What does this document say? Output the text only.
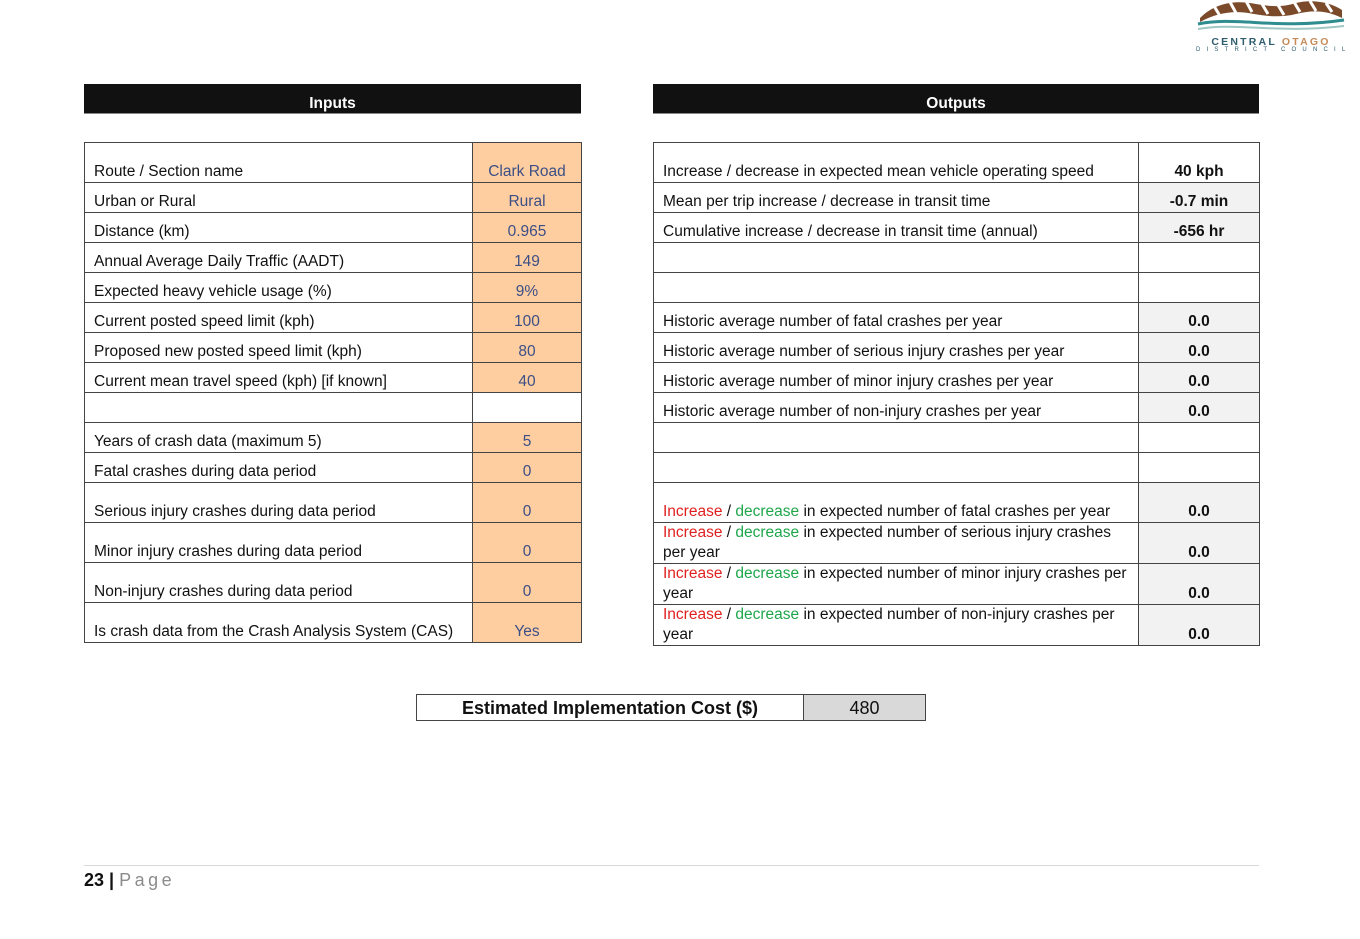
CENTRAL OTAGO
DISTRICT COUNCIL
Inputs	Outputs
Route / Section name	Clark Road
Urban or Rural	Rural
Distance (km)	0.965
Annual Average Daily Traffic (AADT)	149
Expected heavy vehicle usage (%)	9%
Current posted speed limit (kph)	100
Proposed new posted speed limit (kph)	80
Current mean travel speed (kph) [if known]	40

Years of crash data (maximum 5)	5
Fatal crashes during data period	0
Serious injury crashes during data period	0
Minor injury crashes during data period	0
Non-injury crashes during data period	0
Is crash data from the Crash Analysis System (CAS)	Yes
Increase / decrease in expected mean vehicle operating speed	40 kph
Mean per trip increase / decrease in transit time	-0.7 min
Cumulative increase / decrease in transit time (annual)	-656 hr

Historic average number of fatal crashes per year	0.0
Historic average number of serious injury crashes per year	0.0
Historic average number of minor injury crashes per year	0.0
Historic average number of non-injury crashes per year	0.0

Increase / decrease in expected number of fatal crashes per year	0.0
Increase / decrease in expected number of serious injury crashes per year	0.0
Increase / decrease in expected number of minor injury crashes per year	0.0
Increase / decrease in expected number of non-injury crashes per year	0.0
Estimated Implementation Cost ($)	480
23 | Page
